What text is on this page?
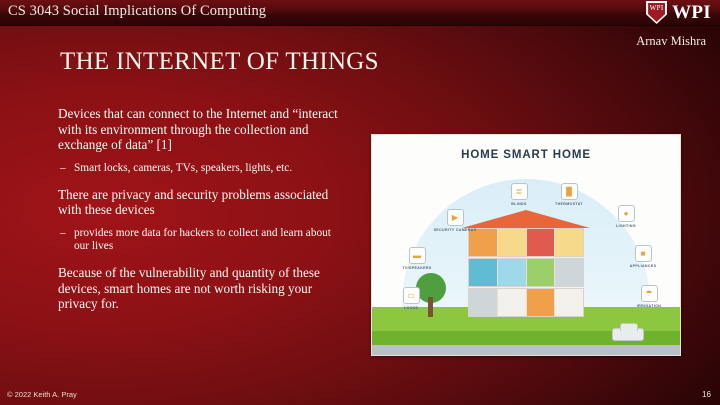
CS 3043 Social Implications Of Computing	WPI WPI
Arnav Mishra
THE INTERNET OF THINGS

Devices that can connect to the Internet and “interact with its environment through the collection and exchange of data” [1]

– Smart locks, cameras, TVs, speakers, lights, etc.

There are privacy and security problems associated with these devices

– provides more data for hackers to collect and learn about our lives

Because of the vulnerability and quantity of these devices, smart homes are not worth risking your privacy for.

HOME SMART HOME
▶
SECURITY CAMERAS
≣
BLINDS
█
THERMOSTAT
●
LIGHTING
▬
TV/SPEAKERS
■
APPLIANCES
▭
LOCKS
☂
IRRIGATION
© 2022 Keith A. Pray	16
